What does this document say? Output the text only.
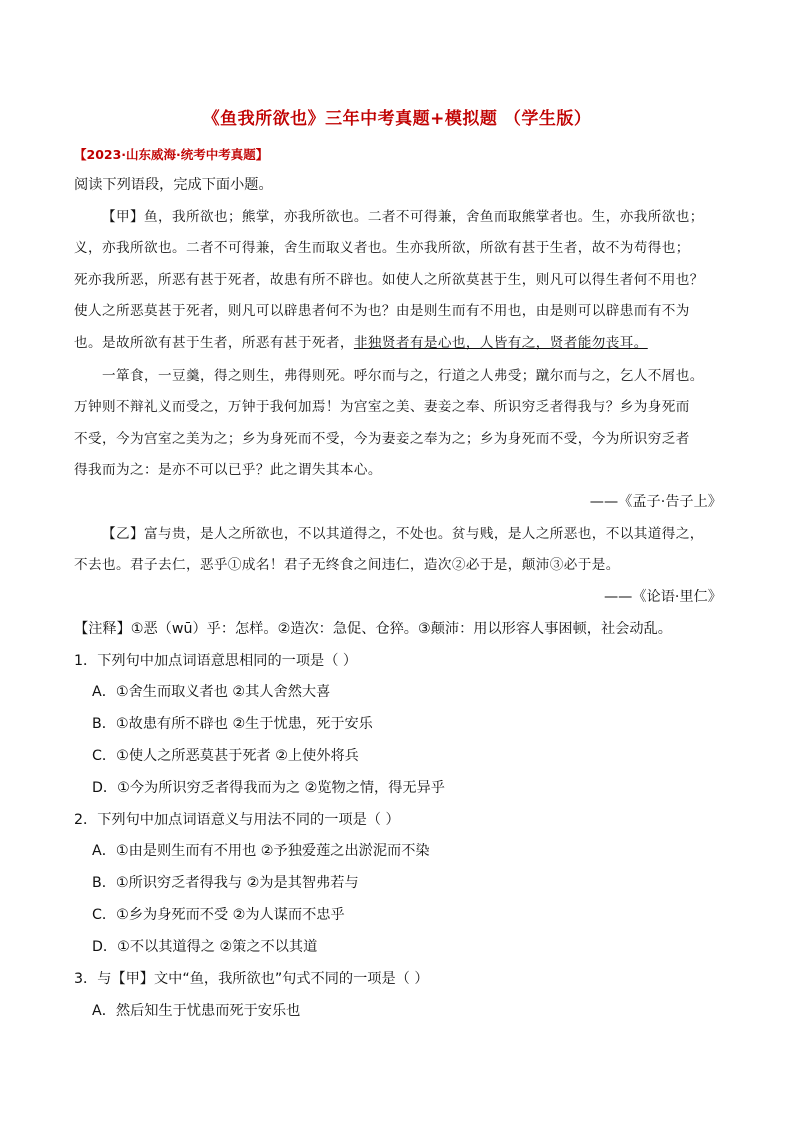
《鱼我所欲也》三年中考真题+模拟题 （学生版）
【2023·山东威海·统考中考真题】
阅读下列语段，完成下面小题。
【甲】鱼，我所欲也；熊掌，亦我所欲也。二者不可得兼，舍鱼而取熊掌者也。生，亦我所欲也；
义，亦我所欲也。二者不可得兼，舍生而取义者也。生亦我所欲，所欲有甚于生者，故不为苟得也；
死亦我所恶，所恶有甚于死者，故患有所不辟也。如使人之所欲莫甚于生，则凡可以得生者何不用也？
使人之所恶莫甚于死者，则凡可以辟患者何不为也？由是则生而有不用也，由是则可以辟患而有不为
也。是故所欲有甚于生者，所恶有甚于死者，非独贤者有是心也，人皆有之，贤者能勿丧耳。
一箪食，一豆羹，得之则生，弗得则死。呼尔而与之，行道之人弗受；蹴尔而与之，乞人不屑也。
万钟则不辩礼义而受之，万钟于我何加焉！为宫室之美、妻妾之奉、所识穷乏者得我与？乡为身死而
不受，今为宫室之美为之；乡为身死而不受，今为妻妾之奉为之；乡为身死而不受，今为所识穷乏者
得我而为之：是亦不可以已乎？此之谓失其本心。
——《孟子·告子上》
【乙】富与贵，是人之所欲也，不以其道得之，不处也。贫与贱，是人之所恶也，不以其道得之，
不去也。君子去仁，恶乎①成名！君子无终食之间违仁，造次②必于是，颠沛③必于是。
——《论语·里仁》
【注释】①恶（wū）乎：怎样。②造次：急促、仓猝。③颠沛：用以形容人事困顿，社会动乱。
1．下列句中加点词语意思相同的一项是（ ）
A．①舍生而取义者也 ②其人舍然大喜
B．①故患有所不辟也 ②生于忧患，死于安乐
C．①使人之所恶莫甚于死者 ②上使外将兵
D．①今为所识穷乏者得我而为之 ②览物之情，得无异乎
2．下列句中加点词语意义与用法不同的一项是（ ）
A．①由是则生而有不用也 ②予独爱莲之出淤泥而不染
B．①所识穷乏者得我与 ②为是其智弗若与
C．①乡为身死而不受 ②为人谋而不忠乎
D．①不以其道得之 ②策之不以其道
3．与【甲】文中“鱼，我所欲也”句式不同的一项是（ ）
A．然后知生于忧患而死于安乐也
